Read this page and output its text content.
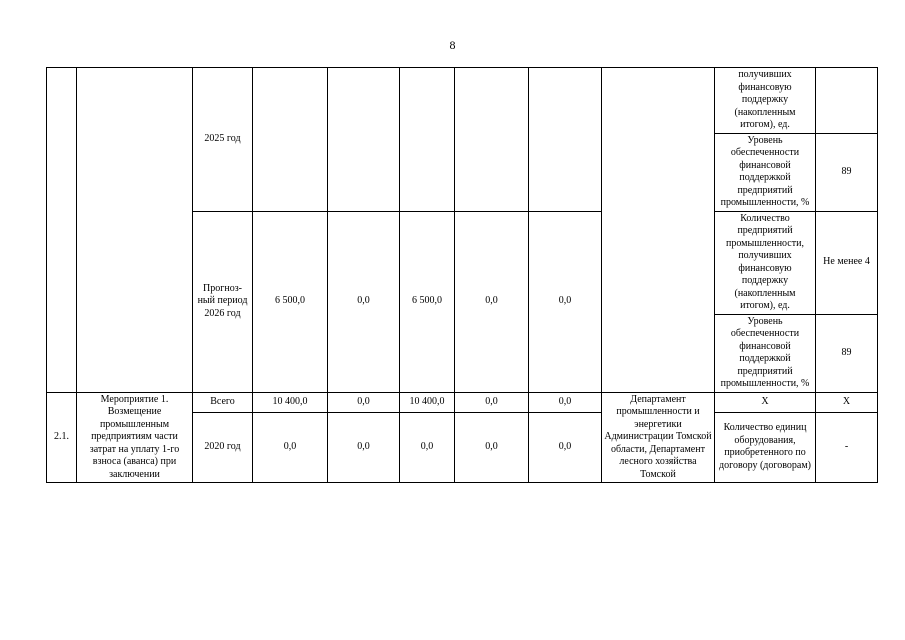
8
		2025 год							получивших финансовую поддержку (накопленным итогом), ед.	
									Уровень обеспеченности финансовой поддержкой предприятий промышленности, %	89
		Прогноз-ный период 2026 год	6 500,0	0,0	6 500,0	0,0	0,0		Количество предприятий промышленности, получивших финансовую поддержку (накопленным итогом), ед.	Не менее 4
									Уровень обеспеченности финансовой поддержкой предприятий промышленности, %	89
2.1.	Мероприятие 1. Возмещение промышленным предприятиям части затрат на уплату 1-го взноса (аванса) при заключении	Всего	10 400,0	0,0	10 400,0	0,0	0,0	Департамент промышленности и энергетики Администрации Томской области, Департамент лесного хозяйства Томской	X	X
		2020 год	0,0	0,0	0,0	0,0	0,0		Количество единиц оборудования, приобретенного по договору (договорам)	-
